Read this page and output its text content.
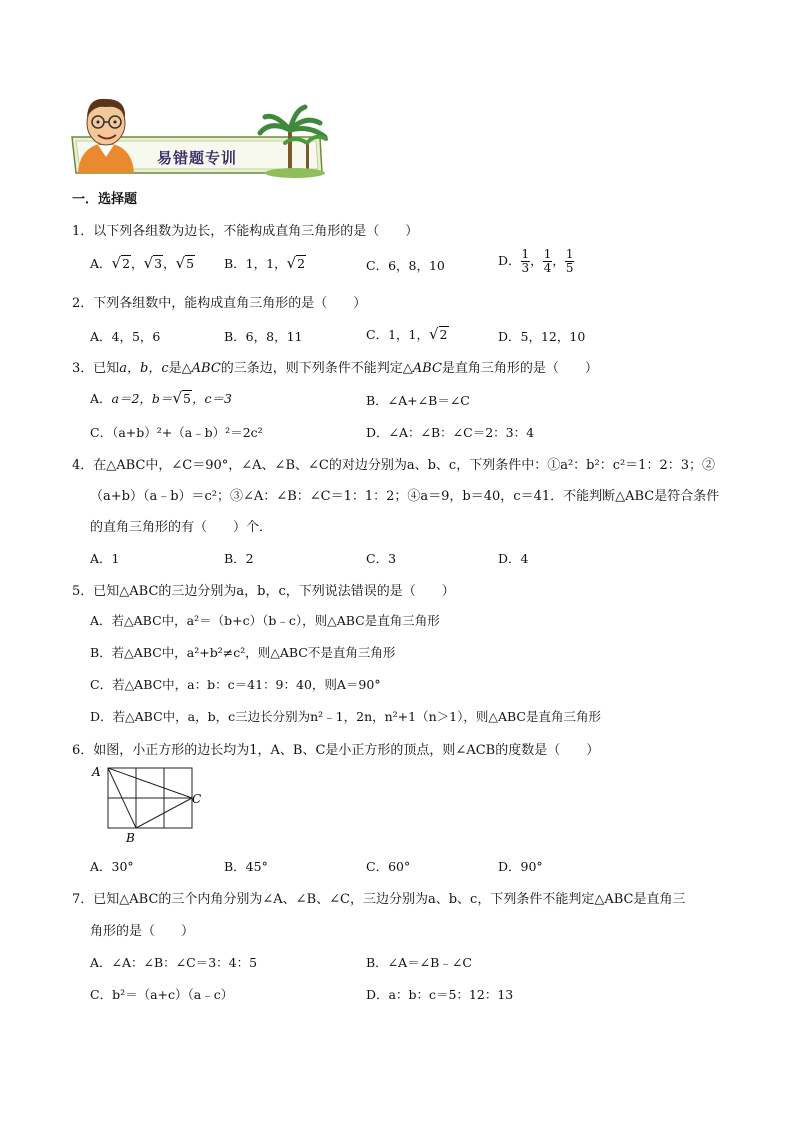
易错题专训
一．选择题
1．以下列各组数为边长，不能构成直角三角形的是（　　）
A．√2，√3，√5 B．1，1，√2	C．6，8，10	D． $\frac{1}{3}$ ， $\frac{1}{4}$ ， $\frac{1}{5}$
2．下列各组数中，能构成直角三角形的是（　　）
A．4，5，6	B．6，8，11	C．1，1，√2	D．5，12，10
3．已知a，b，c是△ABC的三条边，则下列条件不能判定△ABC是直角三角形的是（　　）
A．a＝2，b＝√5，c＝3	B．∠A+∠B＝∠C
C．（a+b）²+（a﹣b）²＝2c²	D．∠A：∠B：∠C＝2：3：4
4．在△ABC中，∠C＝90°，∠A、∠B、∠C的对边分别为a、b、c，下列条件中：①a²：b²：c²＝1：2：3；②
（a+b）（a﹣b）＝c²；③∠A：∠B：∠C＝1：1：2；④a＝9，b＝40，c＝41．不能判断△ABC是符合条件
的直角三角形的有（　　）个．
A．1	B．2	C．3	D．4
5．已知△ABC的三边分别为a，b，c，下列说法错误的是（　　）
A．若△ABC中，a²＝（b+c）（b﹣c），则△ABC是直角三角形
B．若△ABC中，a²+b²≠c²，则△ABC不是直角三角形
C．若△ABC中，a：b：c＝41：9：40，则A＝90°
D．若△ABC中，a，b，c三边长分别为n²﹣1，2n，n²+1（n＞1），则△ABC是直角三角形
6．如图，小正方形的边长均为1，A、B、C是小正方形的顶点，则∠ACB的度数是（　　）
A
B
C
A．30°	B．45°	C．60°	D．90°
7．已知△ABC的三个内角分别为∠A、∠B、∠C，三边分别为a、b、c，下列条件不能判定△ABC是直角三
角形的是（　　）
A．∠A：∠B：∠C＝3：4：5	B．∠A＝∠B﹣∠C
C．b²＝（a+c）（a﹣c）	D．a：b：c＝5：12：13
